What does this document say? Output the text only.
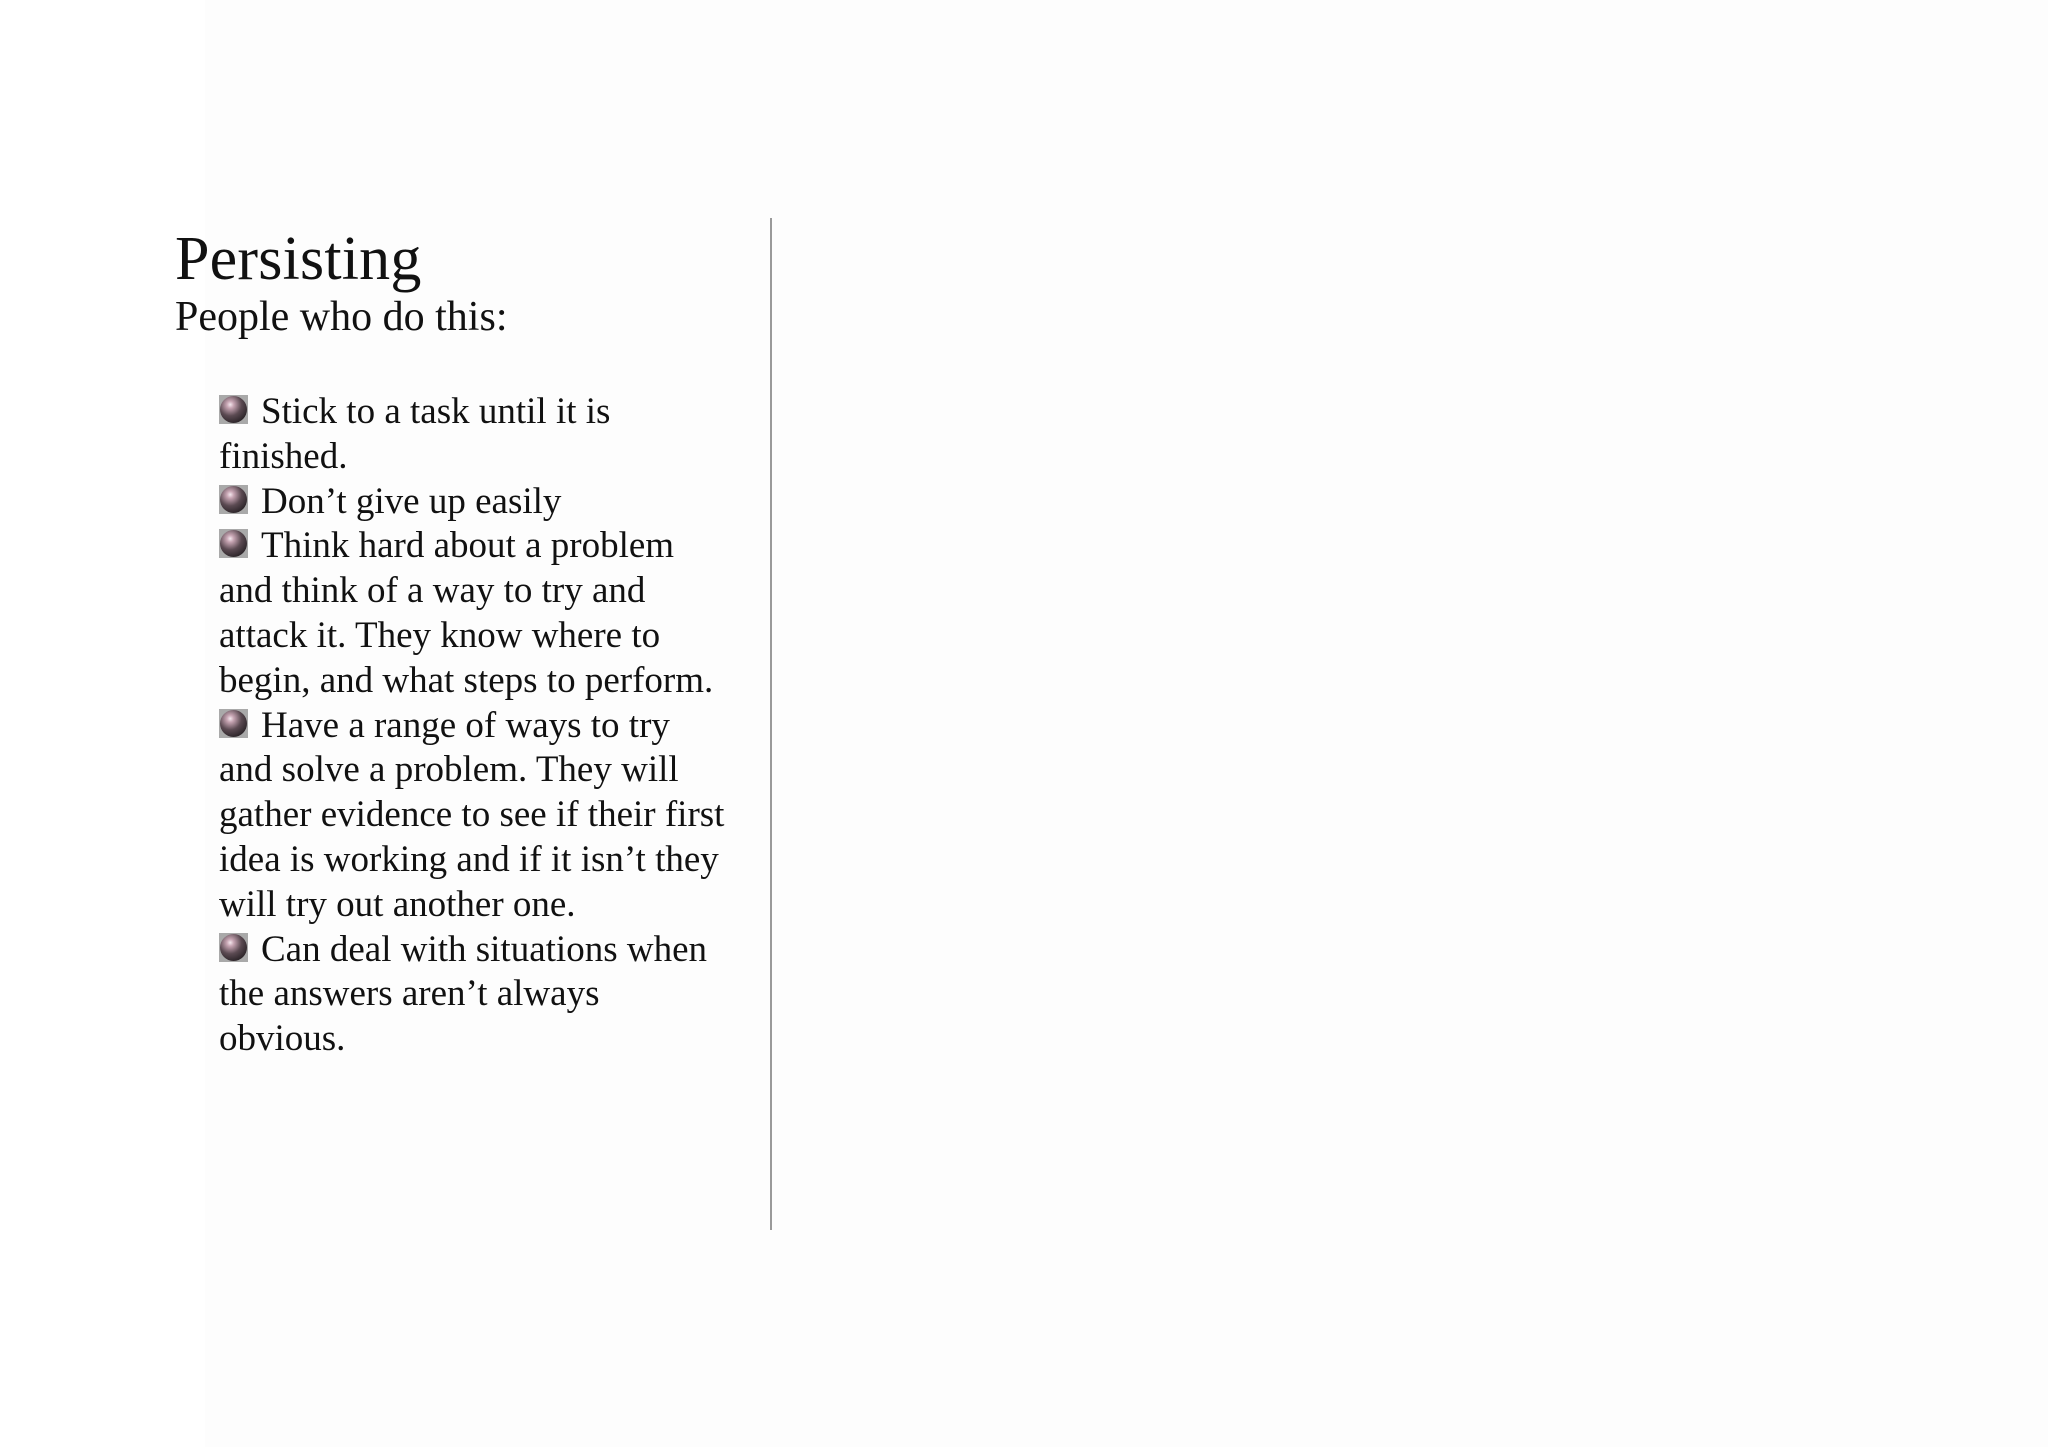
Persisting
People who do this:
Stick to a task until it is finished.
Don’t give up easily
Think hard about a problem and think of a way to try and attack it. They know where to begin, and what steps to perform.
Have a range of ways to try and solve a problem. They will gather evidence to see if their first idea is working and if it isn’t they will try out another one.
Can deal with situations when the answers aren’t always obvious.
